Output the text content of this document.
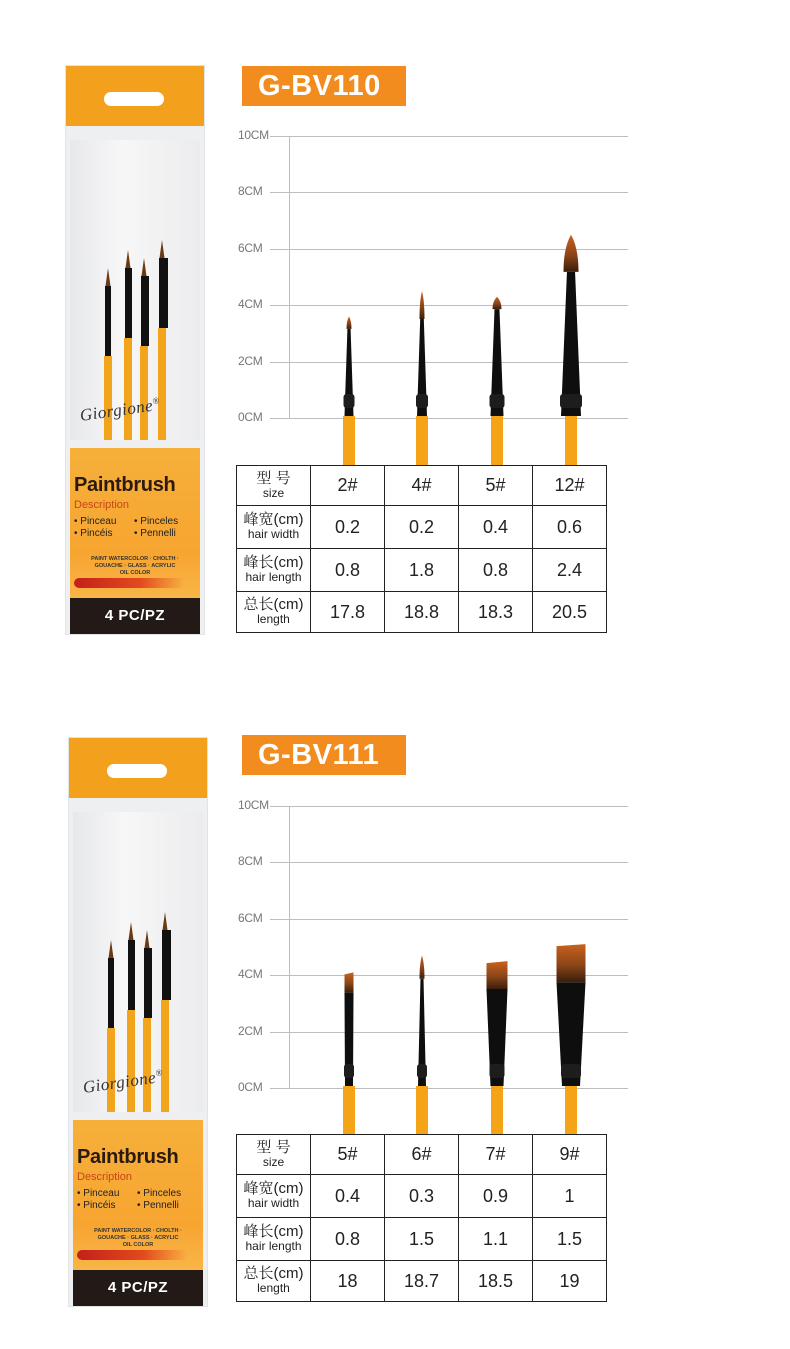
Giorgione®
Paintbrush
Description
• Pinceau	• Pinceles
• Pincéis	• Pennelli
PAINT WATERCOLOR · CHOLTH ·
GOUACHE · GLASS · ACRYLIC
OIL COLOR
4 PC/PZ
G-BV110
10CM
8CM
6CM
4CM
2CM
0CM
型 号
size	2#	4#	5#	12#

峰宽(cm)
hair width	0.2	0.2	0.4	0.6

峰长(cm)
hair length	0.8	1.8	0.8	2.4

总长(cm)
length	17.8	18.8	18.3	20.5
Giorgione®
Paintbrush
Description
• Pinceau	• Pinceles
• Pincéis	• Pennelli
PAINT WATERCOLOR · CHOLTH ·
GOUACHE · GLASS · ACRYLIC
OIL COLOR
4 PC/PZ
G-BV111
10CM
8CM
6CM
4CM
2CM
0CM
型 号
size	5#	6#	7#	9#

峰宽(cm)
hair width	0.4	0.3	0.9	1

峰长(cm)
hair length	0.8	1.5	1.1	1.5

总长(cm)
length	18	18.7	18.5	19
